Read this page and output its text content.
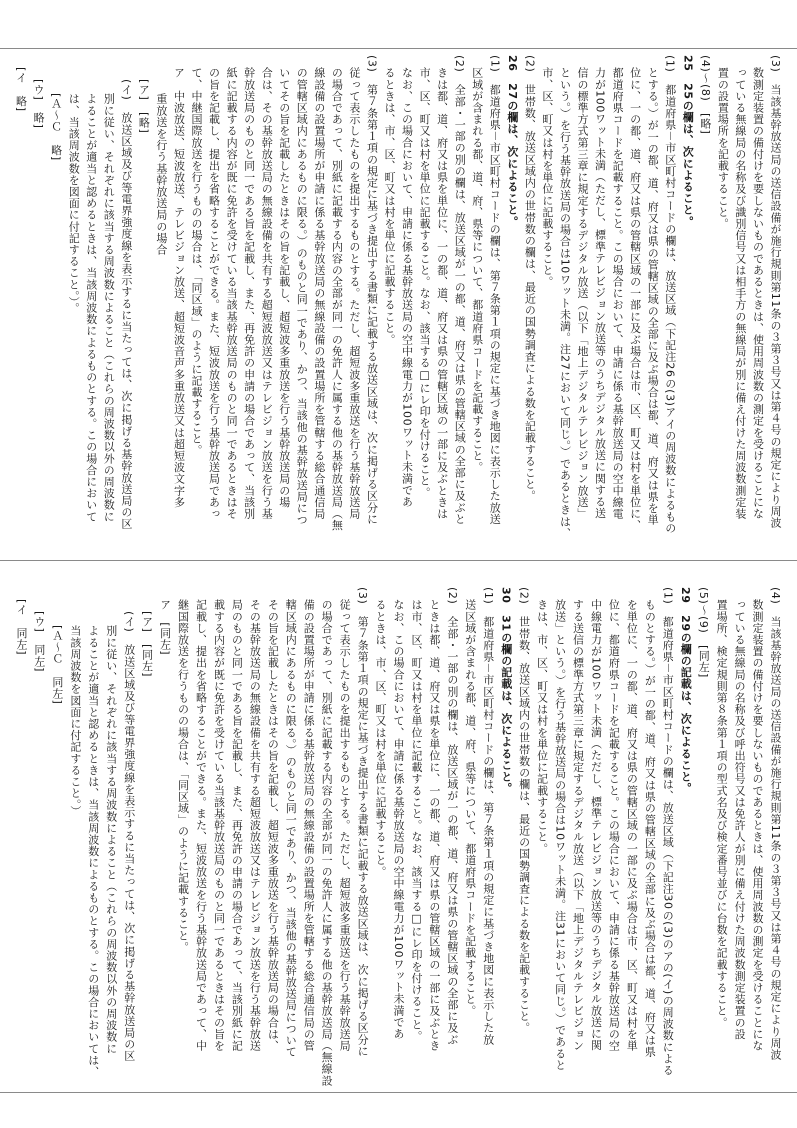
(3)　当該基幹放送局の送信設備が施行規則第11条の３第３号又は第４号の規定により周波
数測定装置の備付けを要しないものであるときは、使用周波数の測定を受けることにな
っている無線局の名称及び識別信号又は相手方の無線局が別に備え付けた周波数測定装
置の設置場所を記載すること。
(4)～(8)　[略]
25　25の欄は、次によること。
(1)　都道府県－市区町村コードの欄は、放送区域（下記注26の(3)アイの周波数によるもの
とする。）が一の都、道、府又は県の管轄区域の全部に及ぶ場合は都、道、府又は県を単
位に、一の都、道、府又は県の管轄区域の一部に及ぶ場合は市、区、町又は村を単位に、
都道府県コードを記載すること。この場合において、申請に係る基幹放送局の空中線電
力が100ワット未満（ただし、標準テレビジョン放送等のうちデジタル放送に関する送
信の標準方式第三章に規定するデジタル放送（以下「地上デジタルテレビジョン放送」
という。）を行う基幹放送局の場合は10ワット未満。注27において同じ。）であるときは、
市、区、町又は村を単位に記載すること。
(2)　世帯数、放送区域内の世帯数の欄は、最近の国勢調査による数を記載すること。
26　27の欄は、次によること。
(1)　都道府県－市区町村コードの欄は、第７条第１項の規定に基づき地図に表示した放送
区域が含まれる都、道、府、県等について、都道府県コードを記載すること。
(2)　全部・一部の別の欄は、放送区域が一の都、道、府又は県の管轄区域の全部に及ぶと
きは都、道、府又は県を単位に、一の都、道、府又は県の管轄区域の一部に及ぶときは
市、区、町又は村を単位に記載すること。なお、該当する□にレ印を付けること。
なお、この場合において、申請に係る基幹放送局の空中線電力が100ワット未満であ
るときは、市、区、町又は村を単位に記載すること。
(3)　第７条第１項の規定に基づき提出する書類に記載する放送区域は、次に掲げる区分に
従って表示したものを提出するものとする。ただし、超短波多重放送を行う基幹放送局
の場合であって、別紙に記載する内容の全部が同一の免許人に属する他の基幹放送局（無
線設備の設置場所が申請に係る基幹放送局の無線設備の設置場所を管轄する総合通信局
の管轄区域内にあるものに限る。）のものと同一であり、かつ、当該他の基幹放送局につ
いてその旨を記載したときはその旨を記載し、超短波多重放送を行う基幹放送局の場
合は、その基幹放送局の無線設備を共有する超短波放送又はテレビジョン放送を行う基
幹放送局のものと同一である旨を記載し、また、再免許の申請の場合であって、当該別
紙に記載する内容が既に免許を受けている当該基幹放送局のものと同一であるときはそ
の旨を記載し、提出を省略することができる。また、短波放送を行う基幹放送局であっ
て、中継国際放送を行うものの場合は、「同区域」のように記載すること。
ア　中波放送、短波放送、テレビジョン放送、超短波音声多重放送又は超短波文字多
重放送を行う基幹放送局の場合
[ア]　[略]
(イ)　放送区域及び等電界強度線を表示するに当たっては、次に掲げる基幹放送局の区
別に従い、それぞれに該当する周波数によること（これらの周波数以外の周波数に
よることが適当と認めるときは、当該周波数によるものとする。この場合において
は、当該周波数を図面に付記すること。）。
[Ａ～Ｃ　略]
[ウ]　略]
[イ　略]
(4)　当該基幹放送局の送信設備が施行規則第11条の３第３号又は第４号の規定により周波
数測定装置の備付けを要しないものであるときは、使用周波数の測定を受けることにな
っている無線局の名称及び呼出符号又は免許人が別に備え付けた周波数測定装置の設
置場所、検定規則第８条第１項の型式名及び検定番号並びに台数を記載すること。
(5)～(9)　[同左]
29　29の欄の記載は、次によること。
(1)　都道府県－市区町村コードの欄は、放送区域（下記注30の(3)のアの(イ)の周波数による
ものとする。）が一の都、道、府又は県の管轄区域の全部に及ぶ場合は都、道、府又は県
を単位に、一の都、道、府又は県の管轄区域の一部に及ぶ場合は市、区、町又は村を単
位に、都道府県コードを記載すること。この場合において、申請に係る基幹放送局の空
中線電力が100ワット未満（ただし、標準テレビジョン放送等のうちデジタル放送に関
する送信の標準方式第三章に規定するデジタル放送（以下「地上デジタルテレビジョン
放送」という。）を行う基幹放送局の場合は10ワット未満。注31において同じ。）であると
きは、市、区、町又は村を単位に記載すること。
(2)　世帯数、放送区域内の世帯数の欄は、最近の国勢調査による数を記載すること。
30　31の欄の記載は、次によること。
(1)　都道府県－市区町村コードの欄は、第７条第１項の規定に基づき地図に表示した放
送区域が含まれる都、道、府、県等について、都道府県コードを記載すること。
(2)　全部・一部の別の欄は、放送区域が一の都、道、府又は県の管轄区域の全部に及ぶ
ときは都、道、府又は県を単位に、一の都、道、府又は県の管轄区域の一部に及ぶとき
は市、区、町又は村を単位に記載すること。なお、該当する□にレ印を付けること。
なお、この場合において、申請に係る基幹放送局の空中線電力が100ワット未満であ
るときは、市、区、町又は村を単位に記載すること。
(3)　第７条第１項の規定に基づき提出する書類に記載する放送区域は、次に掲げる区分に
従って表示したものを提出するものとする。ただし、超短波多重放送を行う基幹放送局
の場合であって、別紙に記載する内容の全部が同一の免許人に属する他の基幹放送局（無線設
備の設置場所が申請に係る基幹放送局の無線設備の設置場所を管轄する総合通信局の管
轄区域内にあるものに限る。）のものと同一であり、かつ、当該他の基幹放送局について
その旨を記載したときはその旨を記載し、超短波多重放送を行う基幹放送局の場合は、
その基幹放送局の無線設備を共有する超短波放送又はテレビジョン放送を行う基幹放送
局のものと同一である旨を記載し、また、再免許の申請の場合であって、当該別紙に記
載する内容が既に免許を受けている当該基幹放送局のものと同一であるときはその旨を
記載し、提出を省略することができる。また、短波放送を行う基幹放送局であって、中
継国際放送を行うものの場合は、「同区域」のように記載すること。
ア　[同左]
[ア]　[同左]
(イ)　放送区域及び等電界強度線を表示するに当たっては、次に掲げる基幹放送局の区
別に従い、それぞれに該当する周波数によること（これらの周波数以外の周波数に
よることが適当と認めるときは、当該周波数によるものとする。この場合においては、
当該周波数を図面に付記すること。）
[Ａ～Ｃ　同左]
[ウ]　同左]
[イ　同左]
